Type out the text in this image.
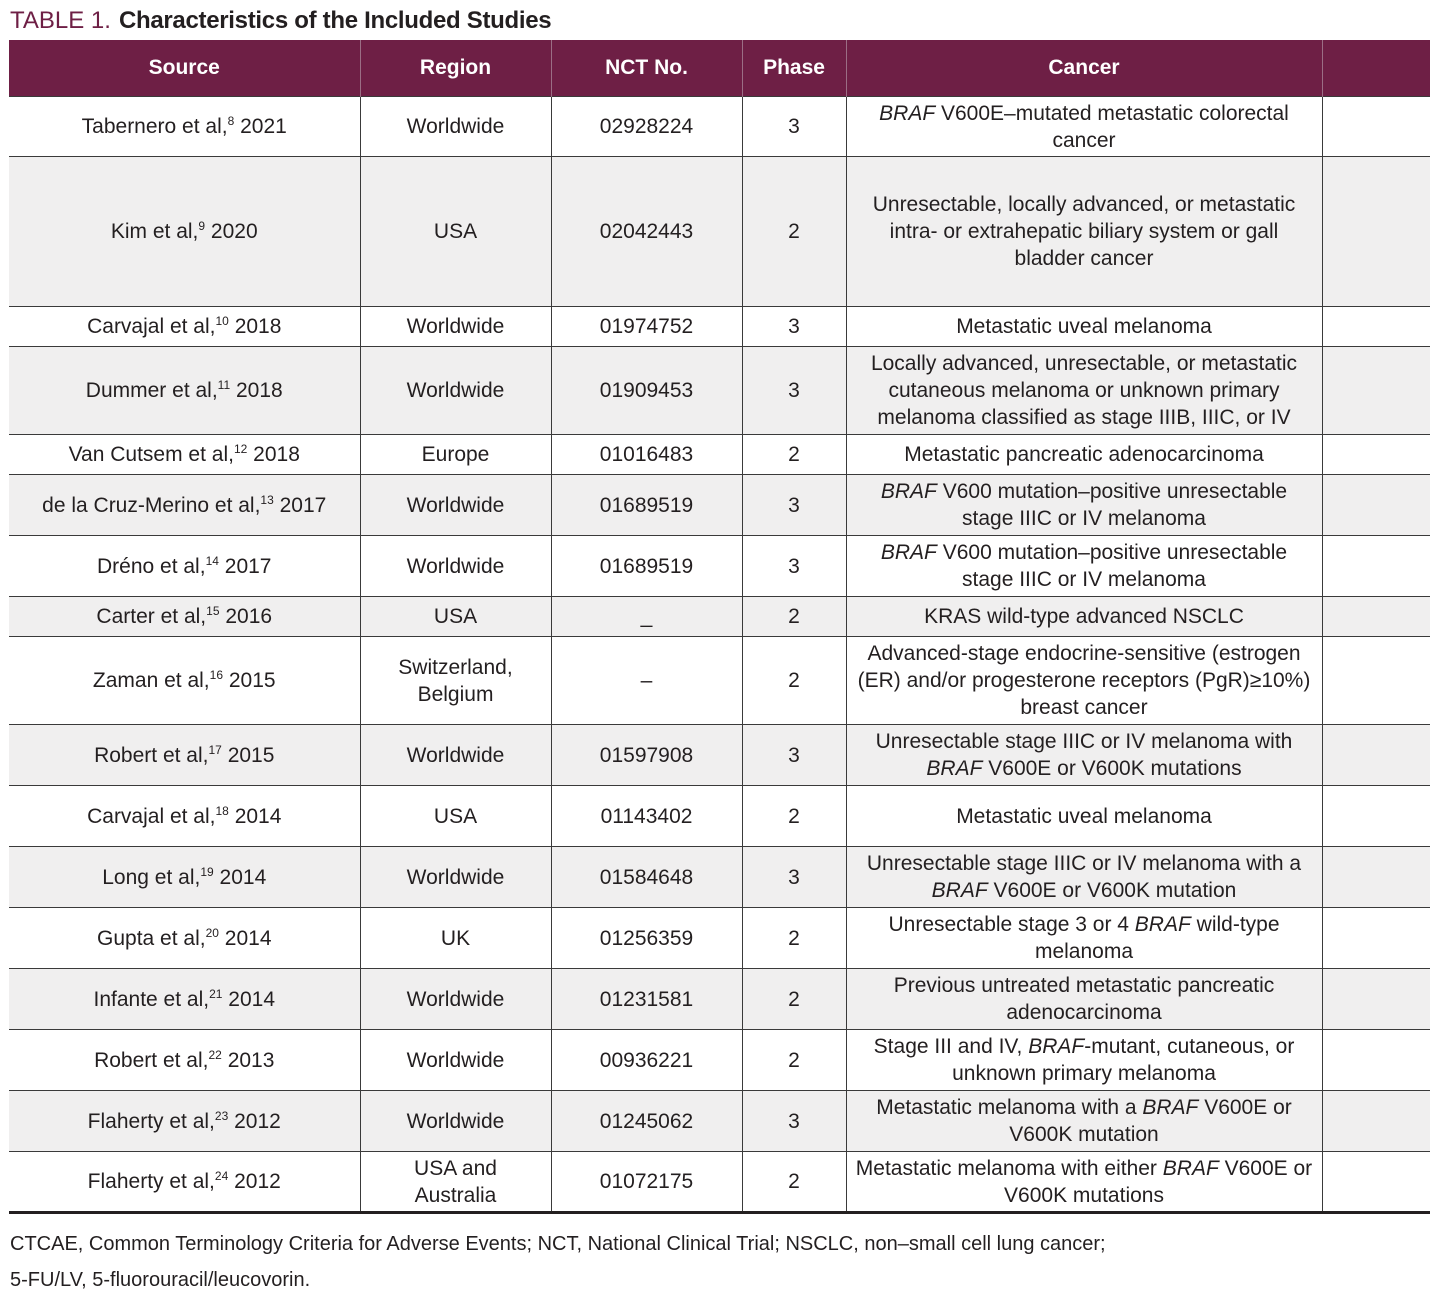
TABLE 1. Characteristics of the Included Studies
Source	Region	NCT No.	Phase	Cancer	
Tabernero et al,$^8$ 2021	Worldwide	02928224	3	BRAF V600E–mutated metastatic colorectal cancer	
Kim et al,$^9$ 2020	USA	02042443	2	Unresectable, locally advanced, or metastatic intra- or extrahepatic biliary system or gall bladder cancer	
Carvajal et al,$^{10}$ 2018	Worldwide	01974752	3	Metastatic uveal melanoma	
Dummer et al,$^{11}$ 2018	Worldwide	01909453	3	Locally advanced, unresectable, or metastatic cutaneous melanoma or unknown primary melanoma classified as stage IIIB, IIIC, or IV	
Van Cutsem et al,$^{12}$ 2018	Europe	01016483	2	Metastatic pancreatic adenocarcinoma	
de la Cruz-Merino et al,$^{13}$ 2017	Worldwide	01689519	3	BRAF V600 mutation–positive unresectable stage IIIC or IV melanoma	
Dréno et al,$^{14}$ 2017	Worldwide	01689519	3	BRAF V600 mutation–positive unresectable stage IIIC or IV melanoma	
Carter et al,$^{15}$ 2016	USA	_	2	KRAS wild-type advanced NSCLC	
Zaman et al,$^{16}$ 2015	Switzerland, Belgium	–	2	Advanced-stage endocrine-sensitive (estrogen (ER) and/or progesterone receptors (PgR)≥10%) breast cancer	
Robert et al,$^{17}$ 2015	Worldwide	01597908	3	Unresectable stage IIIC or IV melanoma with BRAF V600E or V600K mutations	
Carvajal et al,$^{18}$ 2014	USA	01143402	2	Metastatic uveal melanoma	
Long et al,$^{19}$ 2014	Worldwide	01584648	3	Unresectable stage IIIC or IV melanoma with a BRAF V600E or V600K mutation	
Gupta et al,$^{20}$ 2014	UK	01256359	2	Unresectable stage 3 or 4 BRAF wild-type melanoma	
Infante et al,$^{21}$ 2014	Worldwide	01231581	2	Previous untreated metastatic pancreatic adenocarcinoma	
Robert et al,$^{22}$ 2013	Worldwide	00936221	2	Stage III and IV, BRAF-mutant, cutaneous, or unknown primary melanoma	
Flaherty et al,$^{23}$ 2012	Worldwide	01245062	3	Metastatic melanoma with a BRAF V600E or V600K mutation	
Flaherty et al,$^{24}$ 2012	USA and Australia	01072175	2	Metastatic melanoma with either BRAF V600E or V600K mutations	
CTCAE, Common Terminology Criteria for Adverse Events; NCT, National Clinical Trial; NSCLC, non–small cell lung cancer;
5-FU/LV, 5-fluorouracil/leucovorin.
